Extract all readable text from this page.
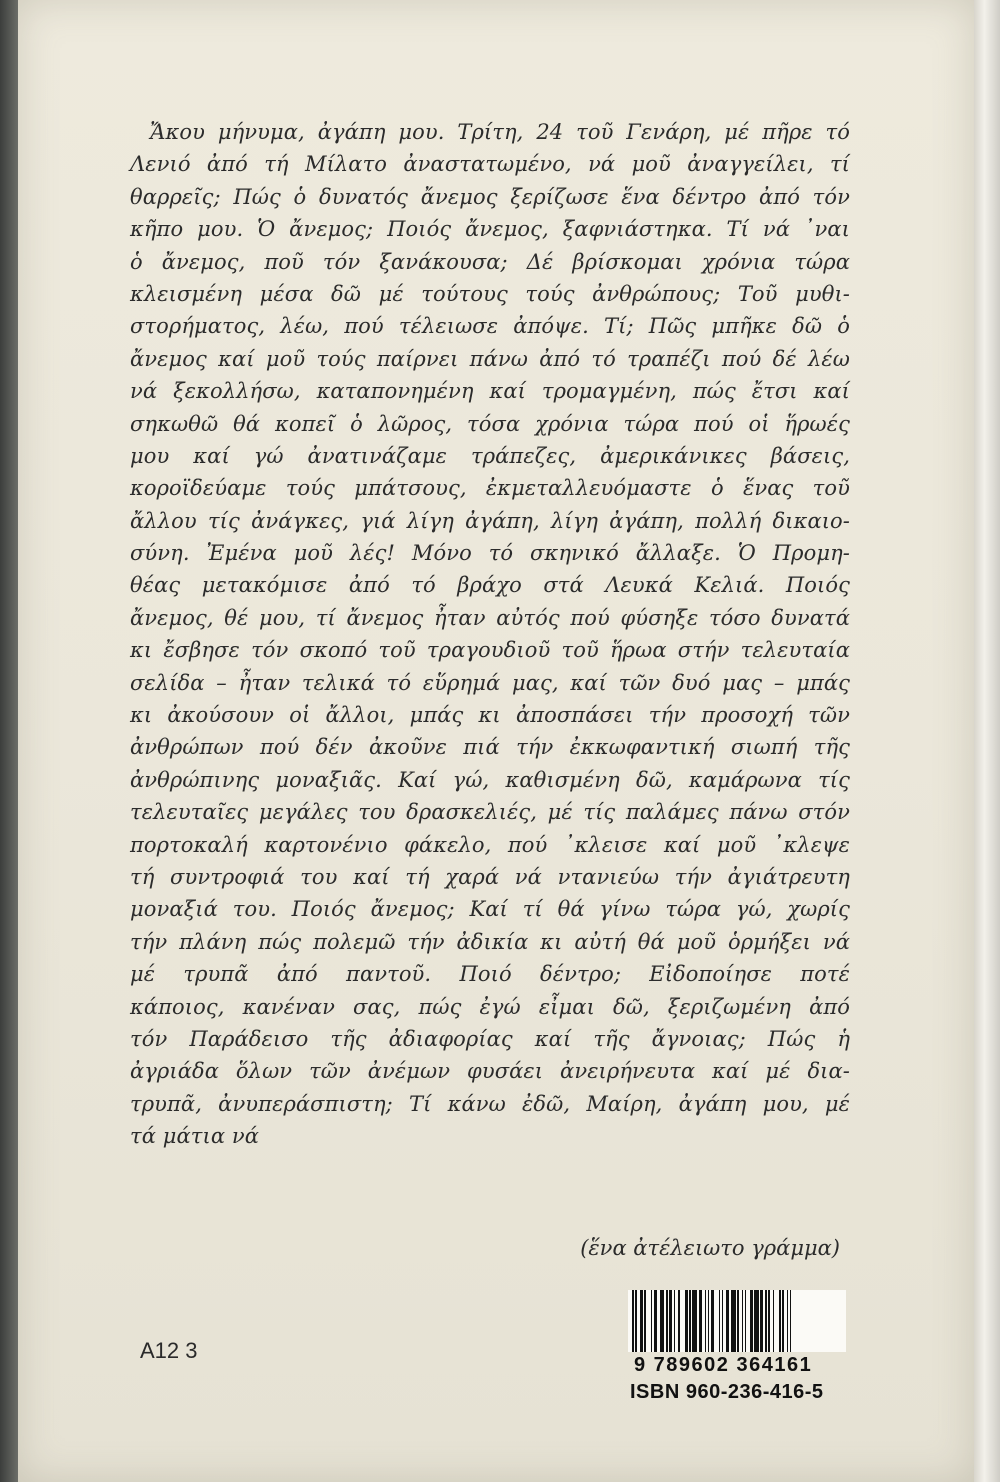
Ἄκου μήνυμα, ἀγάπη μου. Τρίτη, 24 τοῦ Γενάρη, μέ πῆρε τό
Λενιό ἀπό τή Μίλατο ἀναστατωμένο, νά μοῦ ἀναγγείλει, τί
θαρρεῖς; Πώς ὁ δυνατός ἄνεμος ξερίζωσε ἕνα δέντρο ἀπό τόν
κῆπο μου. Ὁ ἄνεμος; Ποιός ἄνεμος, ξαφνιάστηκα. Τί νά ᾿ναι
ὁ ἄνεμος, ποῦ τόν ξανάκουσα; Δέ βρίσκομαι χρόνια τώρα
κλεισμένη μέσα δῶ μέ τούτους τούς ἀνθρώπους; Τοῦ μυθι-
στορήματος, λέω, πού τέλειωσε ἀπόψε. Τί; Πῶς μπῆκε δῶ ὁ
ἄνεμος καί μοῦ τούς παίρνει πάνω ἀπό τό τραπέζι πού δέ λέω
νά ξεκολλήσω, καταπονημένη καί τρομαγμένη, πώς ἔτσι καί
σηκωθῶ θά κοπεῖ ὁ λῶρος, τόσα χρόνια τώρα πού οἱ ἥρωές
μου καί γώ ἀνατινάζαμε τράπεζες, ἀμερικάνικες βάσεις,
κοροϊδεύαμε τούς μπάτσους, ἐκμεταλλευόμαστε ὁ ἕνας τοῦ
ἄλλου τίς ἀνάγκες, γιά λίγη ἀγάπη, λίγη ἀγάπη, πολλή δικαιο-
σύνη. Ἐμένα μοῦ λές! Μόνο τό σκηνικό ἄλλαξε. Ὁ Προμη-
θέας μετακόμισε ἀπό τό βράχο στά Λευκά Κελιά. Ποιός
ἄνεμος, θέ μου, τί ἄνεμος ἦταν αὐτός πού φύσηξε τόσο δυνατά
κι ἔσβησε τόν σκοπό τοῦ τραγουδιοῦ τοῦ ἥρωα στήν τελευταία
σελίδα – ἦταν τελικά τό εὕρημά μας, καί τῶν δυό μας – μπάς
κι ἀκούσουν οἱ ἄλλοι, μπάς κι ἀποσπάσει τήν προσοχή τῶν
ἀνθρώπων πού δέν ἀκοῦνε πιά τήν ἐκκωφαντική σιωπή τῆς
ἀνθρώπινης μοναξιᾶς. Καί γώ, καθισμένη δῶ, καμάρωνα τίς
τελευταῖες μεγάλες του δρασκελιές, μέ τίς παλάμες πάνω στόν
πορτοκαλή καρτονένιο φάκελο, πού ᾿κλεισε καί μοῦ ᾿κλεψε
τή συντροφιά του καί τή χαρά νά ντανιεύω τήν ἀγιάτρευτη
μοναξιά του. Ποιός ἄνεμος; Καί τί θά γίνω τώρα γώ, χωρίς
τήν πλάνη πώς πολεμῶ τήν ἀδικία κι αὐτή θά μοῦ ὁρμήξει νά
μέ τρυπᾶ ἀπό παντοῦ. Ποιό δέντρο; Εἰδοποίησε ποτέ
κάποιος, κανέναν σας, πώς ἐγώ εἶμαι δῶ, ξεριζωμένη ἀπό
τόν Παράδεισο τῆς ἀδιαφορίας καί τῆς ἄγνοιας; Πώς ἡ
ἀγριάδα ὅλων τῶν ἀνέμων φυσάει ἀνειρήνευτα καί μέ δια-
τρυπᾶ, ἀνυπεράσπιστη; Τί κάνω ἐδῶ, Μαίρη, ἀγάπη μου, μέ
τά μάτια νά
(ἕνα ἀτέλειωτο γράμμα)
A12 3
9 789602 364161
ISBN 960-236-416-5
